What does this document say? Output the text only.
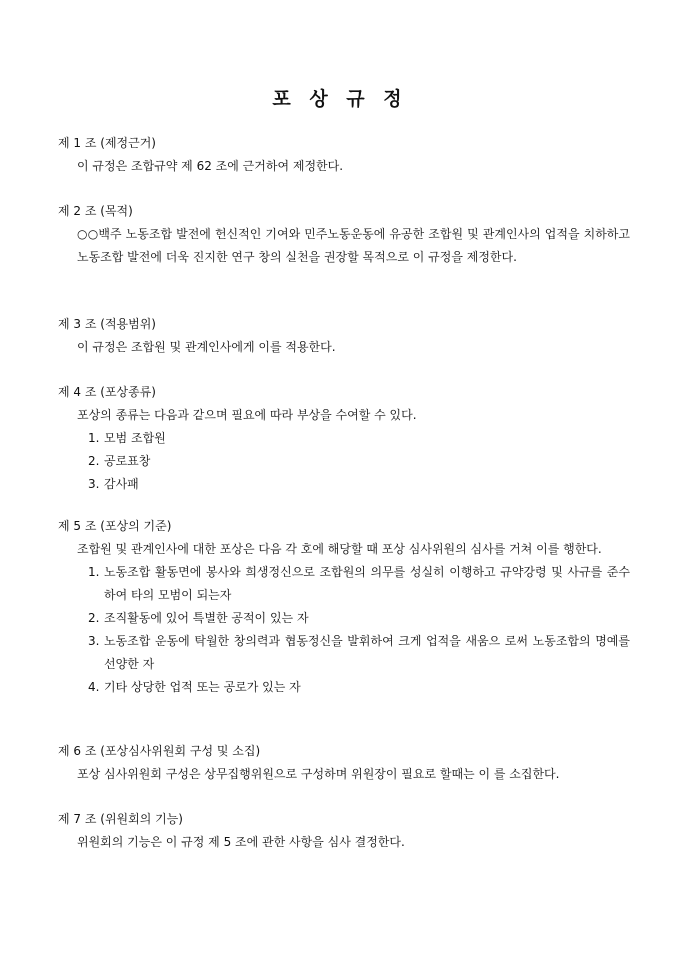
포 상 규 정

제 1 조 (제정근거)

이 규정은 조합규약 제 62 조에 근거하여 제정한다.

제 2 조 (목적)

○○백주 노동조합 발전에 헌신적인 기여와 민주노동운동에 유공한 조합원 및 관계인사의 업적을 치하하고 노동조합 발전에 더욱 진지한 연구 창의 실천을 권장할 목적으로 이 규정을 제정한다.

제 3 조 (적용범위)

이 규정은 조합원 및 관계인사에게 이를 적용한다.

제 4 조 (포상종류)

포상의 종류는 다음과 같으며 필요에 따라 부상을 수여할 수 있다.

1. 모범 조합원
2. 공로표창
3. 감사패

제 5 조 (포상의 기준)

조합원 및 관계인사에 대한 포상은 다음 각 호에 해당할 때 포상 심사위원의 심사를 거쳐 이를 행한다.

1. 노동조합 활동면에 봉사와 희생정신으로 조합원의 의무를 성실히 이행하고 규약강령 및 사규를 준수하여 타의 모범이 되는자
2. 조직활동에 있어 특별한 공적이 있는 자
3. 노동조합 운동에 탁월한 창의력과 협동정신을 발휘하여 크게 업적을 새움으 로써 노동조합의 명예를 선양한 자
4. 기타 상당한 업적 또는 공로가 있는 자

제 6 조 (포상심사위원회 구성 및 소집)

포상 심사위원회 구성은 상무집행위원으로 구성하며 위원장이 필요로 할때는 이 를 소집한다.

제 7 조 (위원회의 기능)

위원회의 기능은 이 규정 제 5 조에 관한 사항을 심사 결정한다.
